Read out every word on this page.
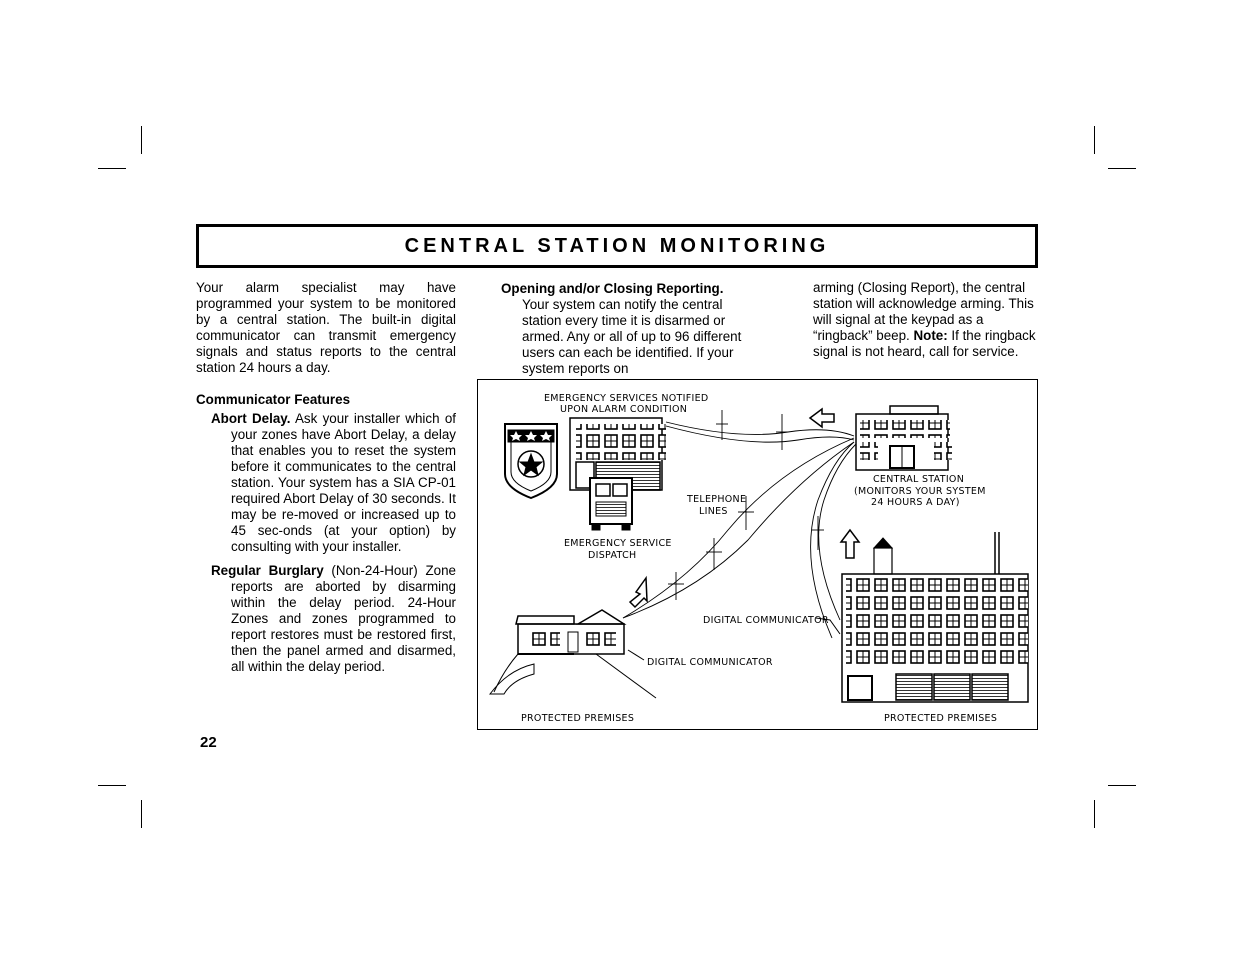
CENTRAL STATION MONITORING
Your alarm specialist may have programmed your system to be monitored by a central station. The built-in digital communicator can transmit emergency signals and status reports to the central station 24 hours a day.
Communicator Features
Abort Delay. Ask your installer which of your zones have Abort Delay, a delay that enables you to reset the system before it communicates to the central station. Your system has a SIA CP-01 required Abort Delay of 30 seconds. It may be re-moved or increased up to 45 sec-onds (at your option) by consulting with your installer.
Regular Burglary (Non-24-Hour) Zone reports are aborted by disarming within the delay period. 24-Hour Zones and zones programmed to report restores must be restored first, then the panel armed and disarmed, all within the delay period.
Opening and/or Closing Reporting.
Your system can notify the central station every time it is disarmed or armed. Any or all of up to 96 different users can each be identified. If your system reports on
arming (Closing Report), the central station will acknowledge arming. This will signal at the keypad as a “ringback” beep. Note: If the ringback signal is not heard, call for service.
EMERGENCY SERVICES NOTIFIED
UPON ALARM CONDITION
TELEPHONE
LINES
EMERGENCY SERVICE
DISPATCH
CENTRAL STATION
(MONITORS YOUR SYSTEM
24 HOURS A DAY)
DIGITAL COMMUNICATOR
DIGITAL COMMUNICATOR
PROTECTED PREMISES	PROTECTED PREMISES
22
